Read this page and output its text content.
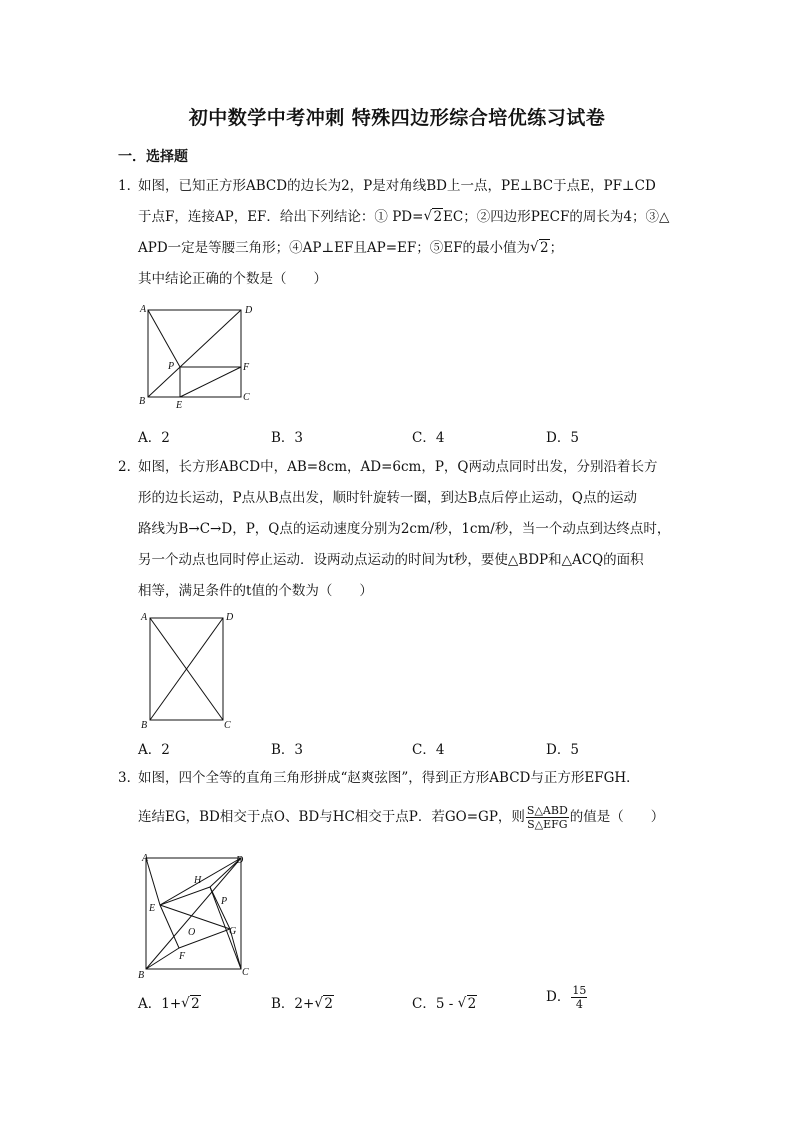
初中数学中考冲刺 特殊四边形综合培优练习试卷
一．选择题
1．
如图，已知正方形ABCD的边长为2，P是对角线BD上一点，PE⊥BC于点E，PF⊥CD
于点F，连接AP，EF．给出下列结论：① PD= √ 2EC；②四边形PECF的周长为4；③△
APD一定是等腰三角形；④AP⊥EF且AP=EF；⑤EF的最小值为 √ 2；
其中结论正确的个数是（　　）
A	D
P	F
B	E
C
A．2	B．3	C．4	D．5
2．
如图，长方形ABCD中，AB=8cm，AD=6cm，P，Q两动点同时出发，分别沿着长方
形的边长运动，P点从B点出发，顺时针旋转一圈，到达B点后停止运动，Q点的运动
路线为B→C→D，P，Q点的运动速度分别为2cm/秒，1cm/秒，当一个动点到达终点时，
另一个动点也同时停止运动．设两动点运动的时间为t秒，要使△BDP和△ACQ的面积
相等，满足条件的t值的个数为（　　）
A	D
B	C
A．2	B．3	C．4	D．5
3．
如图，四个全等的直角三角形拼成“赵爽弦图”，得到正方形ABCD与正方形EFGH．
连结EG，BD相交于点O、BD与HC相交于点P．若GO=GP，则 $\frac{\text{S△ABD}}{\text{S△EFG}}$ 的值是（　　）
A	D
H
E
P
O	G
F
B	C
A．1+ √ 2	B．2+ √ 2	C．5 - √ 2	D． $\frac{15}{4}$
